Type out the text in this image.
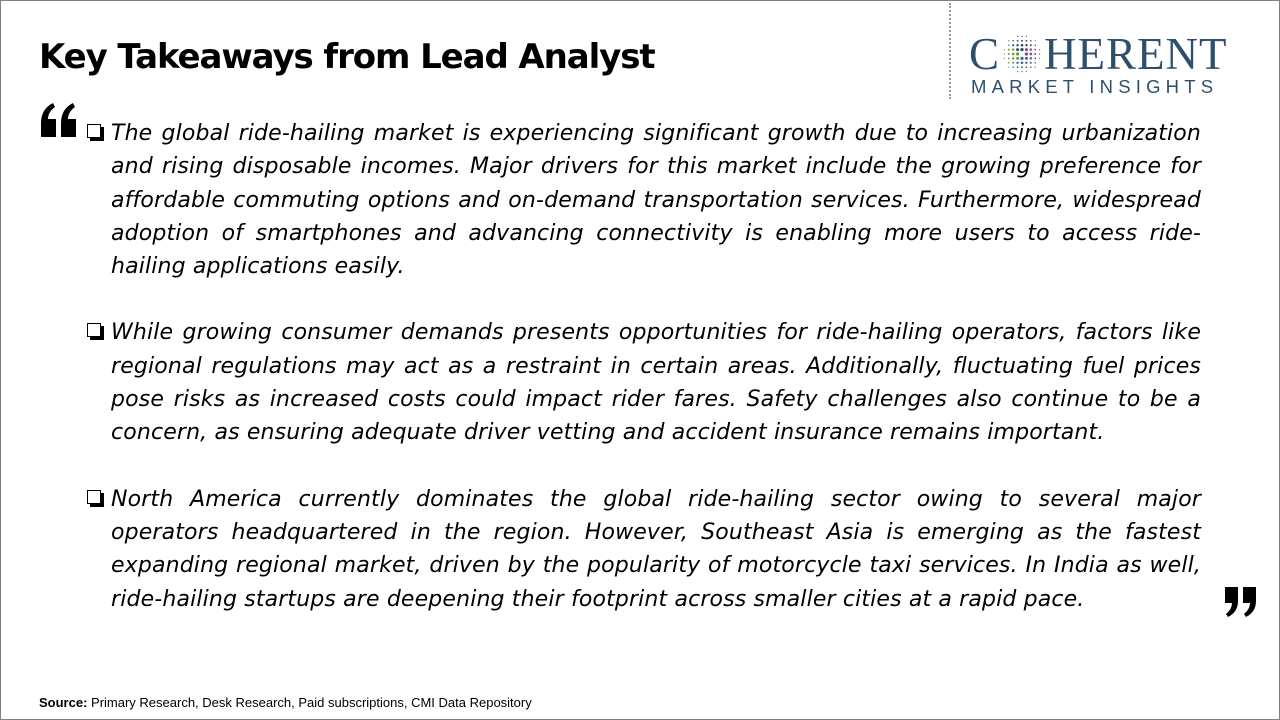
Key Takeaways from Lead Analyst	C HERENT
MARKET INSIGHTS
The global ride-hailing market is experiencing significant growth due to increasing urbanization and rising disposable incomes. Major drivers for this market include the growing preference for affordable commuting options and on-demand transportation services. Furthermore, widespread adoption of smartphones and advancing connectivity is enabling more users to access ride-hailing applications easily.
While growing consumer demands presents opportunities for ride-hailing operators, factors like regional regulations may act as a restraint in certain areas. Additionally, fluctuating fuel prices pose risks as increased costs could impact rider fares. Safety challenges also continue to be a concern, as ensuring adequate driver vetting and accident insurance remains important.
North America currently dominates the global ride-hailing sector owing to several major operators headquartered in the region. However, Southeast Asia is emerging as the fastest expanding regional market, driven by the popularity of motorcycle taxi services. In India as well, ride-hailing startups are deepening their footprint across smaller cities at a rapid pace.
Source: Primary Research, Desk Research, Paid subscriptions, CMI Data Repository
